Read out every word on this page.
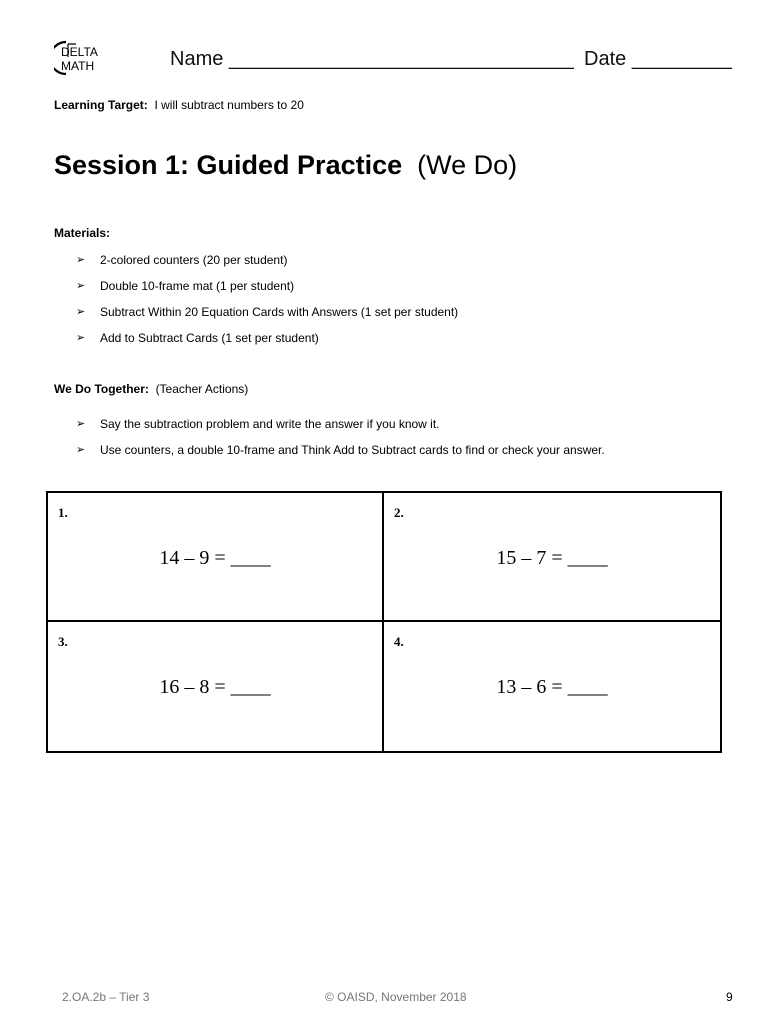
DELTA
MATH	Name _______________________________ Date _________
Learning Target: I will subtract numbers to 20
Session 1: Guided Practice (We Do)
Materials:
➢ 2-colored counters (20 per student)
➢ Double 10-frame mat (1 per student)
➢ Subtract Within 20 Equation Cards with Answers (1 set per student)
➢ Add to Subtract Cards (1 set per student)
We Do Together: (Teacher Actions)
➢ Say the subtraction problem and write the answer if you know it.
➢ Use counters, a double 10-frame and Think Add to Subtract cards to find or check your answer.
1.
14 – 9 = ____
2.
15 – 7 = ____
3.
16 – 8 = ____
4.
13 – 6 = ____
2.OA.2b – Tier 3	© OAISD, November 2018	9
